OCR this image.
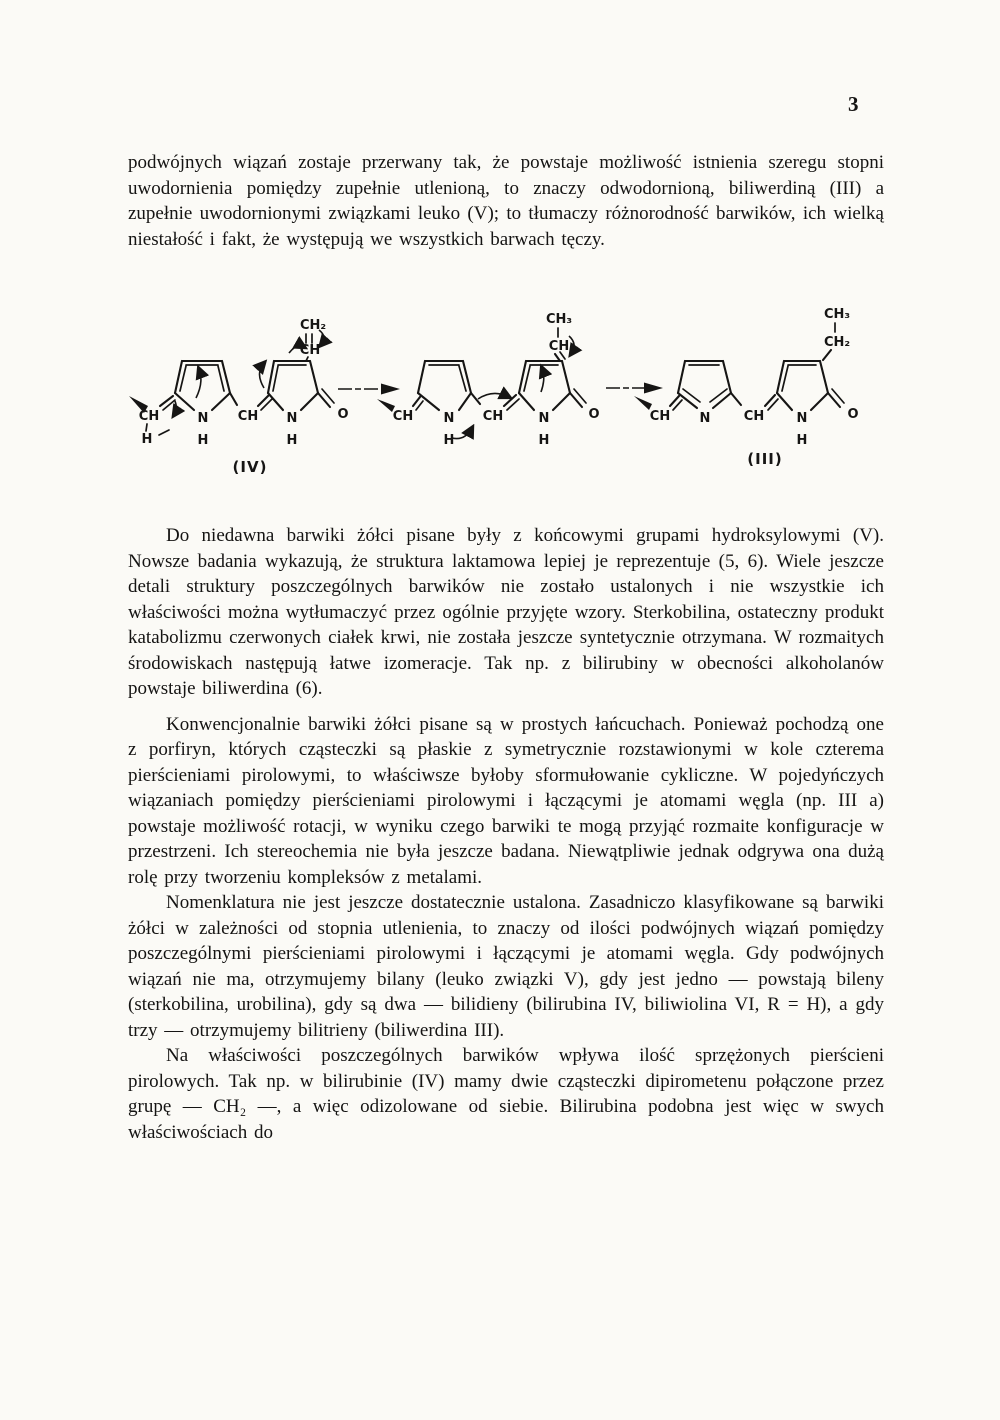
3

podwójnych wiązań zostaje przerwany tak, że powstaje możliwość istnienia szeregu stopni uwodornienia pomiędzy zupełnie utlenioną, to znaczy odwodornioną, biliwerdiną (III) a zupełnie uwodornionymi związkami leuko (V); to tłumaczy różnorodność barwików, ich wielką niestałość i fakt, że występują we wszystkich barwach tęczy.

CH
H
N
H
CH N
H
O
CH₂
CH
(IV)
CH N
H
CH	N
H
O
CH₃
CH
CH N	CH N
H
O
CH₃
CH₂
(III)

Do niedawna barwiki żółci pisane były z końcowymi grupami hydroksylowymi (V). Nowsze badania wykazują, że struktura laktamowa lepiej je reprezentuje (5, 6). Wiele jeszcze detali struktury poszczególnych barwików nie zostało ustalonych i nie wszystkie ich właściwości można wytłumaczyć przez ogólnie przyjęte wzory. Sterkobilina, ostateczny produkt katabolizmu czerwonych ciałek krwi, nie została jeszcze syntetycznie otrzymana. W rozmaitych środowiskach następują łatwe izomeracje. Tak np. z bilirubiny w obecności alkoholanów powstaje biliwerdina (6).

Konwencjonalnie barwiki żółci pisane są w prostych łańcuchach. Ponieważ pochodzą one z porfiryn, których cząsteczki są płaskie z symetrycznie rozstawionymi w kole czterema pierścieniami pirolowymi, to właściwsze byłoby sformułowanie cykliczne. W pojedyńczych wiązaniach pomiędzy pierścieniami pirolowymi i łączącymi je atomami węgla (np. III a) powstaje możliwość rotacji, w wyniku czego barwiki te mogą przyjąć rozmaite konfiguracje w przestrzeni. Ich stereochemia nie była jeszcze badana. Niewątpliwie jednak odgrywa ona dużą rolę przy tworzeniu kompleksów z metalami.

Nomenklatura nie jest jeszcze dostatecznie ustalona. Zasadniczo klasyfikowane są barwiki żółci w zależności od stopnia utlenienia, to znaczy od ilości podwójnych wiązań pomiędzy poszczególnymi pierścieniami pirolowymi i łączącymi je atomami węgla. Gdy podwójnych wiązań nie ma, otrzymujemy bilany (leuko związki V), gdy jest jedno — powstają bileny (sterkobilina, urobilina), gdy są dwa — bilidieny (bilirubina IV, biliwiolina VI, R = H), a gdy trzy — otrzymujemy bilitrieny (biliwerdina III).

Na właściwości poszczególnych barwików wpływa ilość sprzężonych pierścieni pirolowych. Tak np. w bilirubinie (IV) mamy dwie cząsteczki dipirometenu połączone przez grupę — CH₂ —, a więc odizolowane od siebie. Bilirubina podobna jest więc w swych właściwościach do
